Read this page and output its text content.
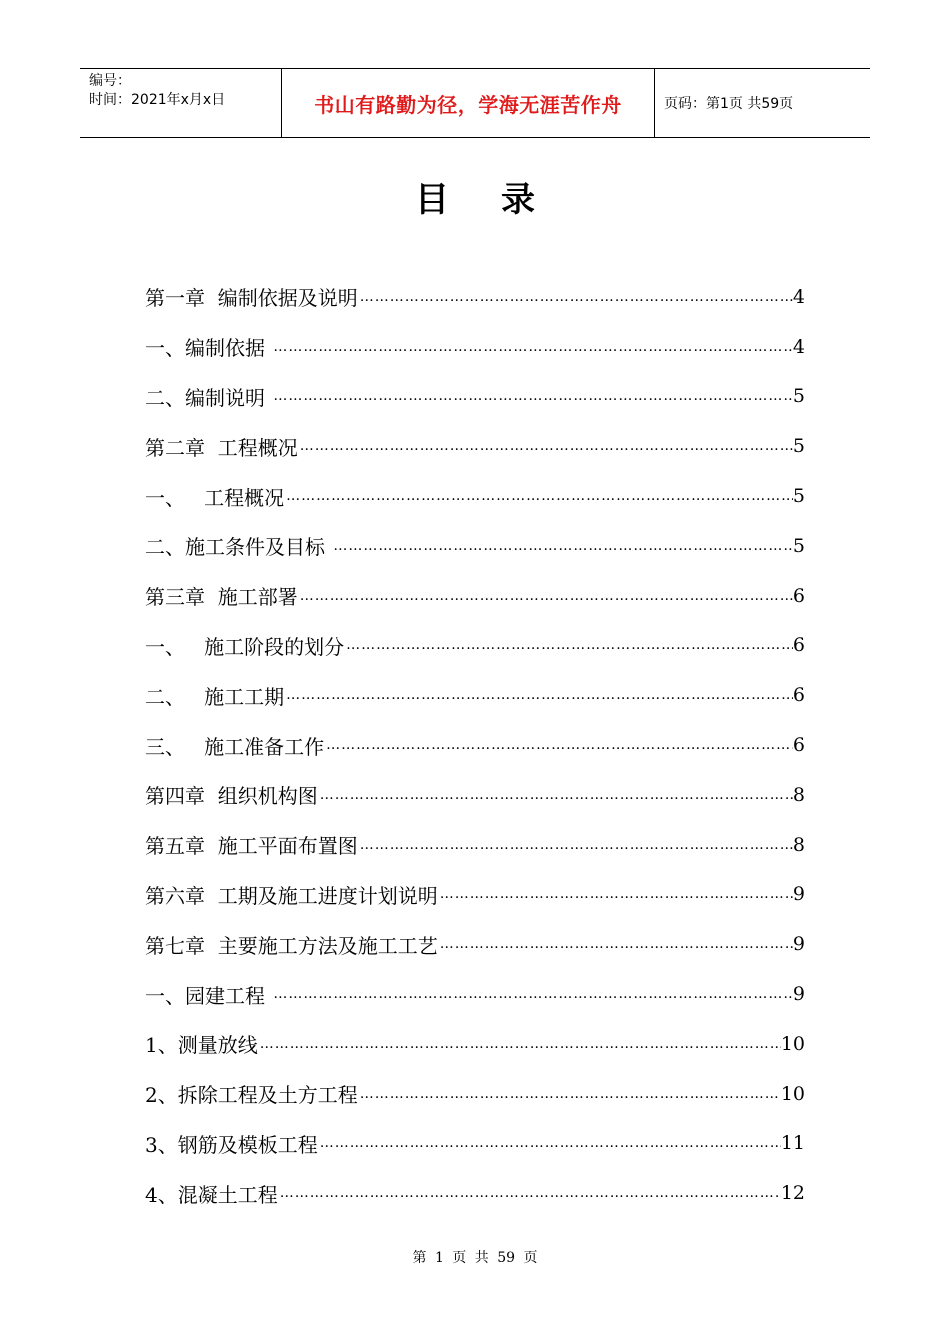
编号：
时间：2021年x月x日	书山有路勤为径，学海无涯苦作舟	页码：第1页 共59页
目录
第一章  编制依据及说明 ……………………………………………………………………………………………………………………………………………………………………………………………………	4
一、编制依据 ……………………………………………………………………………………………………………………………………………………………………………………………………	4
二、编制说明 ……………………………………………………………………………………………………………………………………………………………………………………………………	5
第二章  工程概况 ……………………………………………………………………………………………………………………………………………………………………………………………………	5
一、   工程概况 ……………………………………………………………………………………………………………………………………………………………………………………………………	5
二、施工条件及目标 ……………………………………………………………………………………………………………………………………………………………………………………………………	5
第三章  施工部署 ……………………………………………………………………………………………………………………………………………………………………………………………………	6
一、   施工阶段的划分 ……………………………………………………………………………………………………………………………………………………………………………………………………	6
二、   施工工期 ……………………………………………………………………………………………………………………………………………………………………………………………………	6
三、   施工准备工作 ……………………………………………………………………………………………………………………………………………………………………………………………………	6
第四章  组织机构图 ……………………………………………………………………………………………………………………………………………………………………………………………………	8
第五章  施工平面布置图 ……………………………………………………………………………………………………………………………………………………………………………………………………	8
第六章  工期及施工进度计划说明 ……………………………………………………………………………………………………………………………………………………………………………………………………	9
第七章  主要施工方法及施工工艺 ……………………………………………………………………………………………………………………………………………………………………………………………………	9
一、园建工程 ……………………………………………………………………………………………………………………………………………………………………………………………………	9
1、测量放线 ……………………………………………………………………………………………………………………………………………………………………………………………………	10
2、拆除工程及土方工程 ……………………………………………………………………………………………………………………………………………………………………………………………………	10
3、钢筋及模板工程 ……………………………………………………………………………………………………………………………………………………………………………………………………	11
4、混凝土工程 ……………………………………………………………………………………………………………………………………………………………………………………………………	12
第 1 页 共 59 页
